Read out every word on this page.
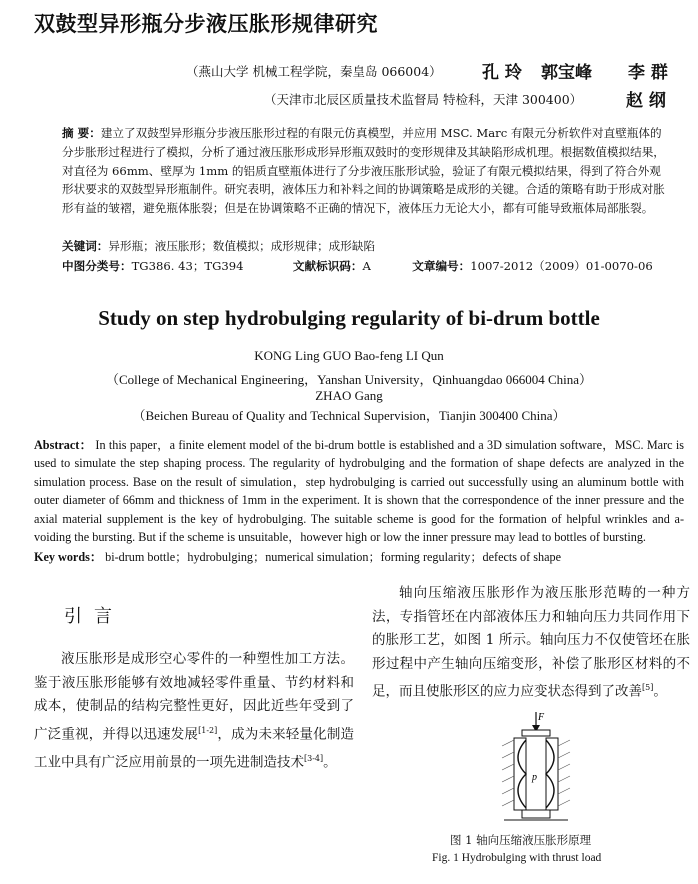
双鼓型异形瓶分步液压胀形规律研究
（燕山大学 机械工程学院，秦皇岛 066004） 孔 玲 郭宝峰 李 群
（天津市北辰区质量技术监督局 特检科，天津 300400）	赵 纲
摘 要：建立了双鼓型异形瓶分步液压胀形过程的有限元仿真模型，并应用 MSC. Marc 有限元分析软件对直壁瓶体的分步胀形过程进行了模拟，分析了通过液压胀形成形异形瓶双鼓时的变形规律及其缺陷形成机理。根据数值模拟结果，对直径为 66mm、壁厚为 1mm 的铝质直壁瓶体进行了分步液压胀形试验，验证了有限元模拟结果，得到了符合外观形状要求的双鼓型异形瓶制件。研究表明，液体压力和补料之间的协调策略是成形的关键。合适的策略有助于形成对胀形有益的皱褶，避免瓶体胀裂；但是在协调策略不正确的情况下，液体压力无论大小，都有可能导致瓶体局部胀裂。
关键词：异形瓶；液压胀形；数值模拟；成形规律；成形缺陷
中图分类号：TG386. 43；TG394	文献标识码：A	文章编号：1007-2012（2009）01-0070-06
Study on step hydrobulging regularity of bi-drum bottle
KONG Ling GUO Bao-feng LI Qun
（College of Mechanical Engineering，Yanshan University，Qinhuangdao 066004 China）
ZHAO Gang
（Beichen Bureau of Quality and Technical Supervision，Tianjin 300400 China）
Abstract： In this paper，a finite element model of the bi-drum bottle is established and a 3D simulation software，MSC. Marc is used to simulate the step shaping process. The regularity of hydrobulging and the formation of shape defects are analyzed in the simulation process. Base on the result of simulation，step hydrobulging is carried out successfully using an aluminum bottle with outer diameter of 66mm and thickness of 1mm in the experiment. It is shown that the correspondence of the inner pressure and the axial material supplement is the key of hydrobulging. The suitable scheme is good for the formation of helpful wrinkles and a-voiding the bursting. But if the scheme is unsuitable，however high or low the inner pressure may lead to bottles of bursting.
Key words： bi-drum bottle；hydrobulging；numerical simulation；forming regularity；defects of shape
引言

液压胀形是成形空心零件的一种塑性加工方法。鉴于液压胀形能够有效地减轻零件重量、节约材料和成本，使制品的结构完整性更好，因此近些年受到了广泛重视，并得以迅速发展[1-2]，成为未来轻量化制造工业中具有广泛应用前景的一项先进制造技术[3-4]。

轴向压缩液压胀形作为液压胀形范畴的一种方法，专指管坯在内部液体压力和轴向压力共同作用下的胀形工艺，如图 1 所示。轴向压力不仅使管坯在胀形过程中产生轴向压缩变形，补偿了胀形区材料的不足，而且使胀形区的应力应变状态得到了改善[5]。

F
p
图 1 轴向压缩液压胀形原理
Fig. 1 Hydrobulging with thrust load
